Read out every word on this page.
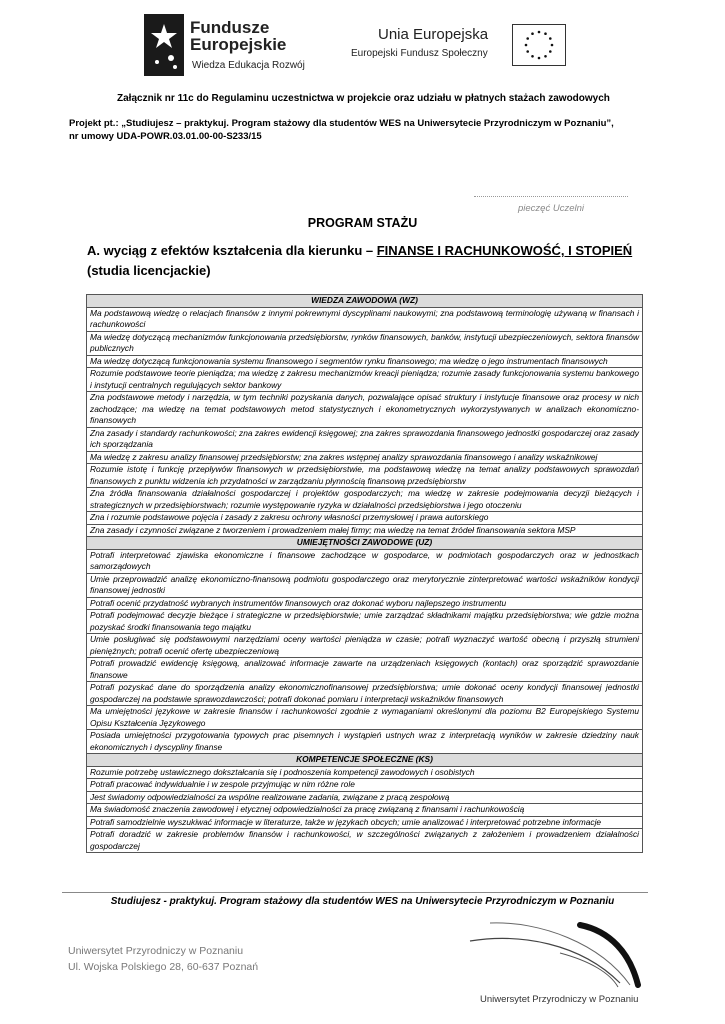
Fundusze
Europejskie
Wiedza Edukacja Rozwój
Unia Europejska
Europejski Fundusz Społeczny
Załącznik nr 11c do Regulaminu uczestnictwa w projekcie oraz udziału w płatnych stażach zawodowych
Projekt pt.: „Studiujesz – praktykuj. Program stażowy dla studentów WES na Uniwersytecie Przyrodniczym w Poznaniu”,
nr umowy UDA-POWR.03.01.00-00-S233/15
pieczęć Uczelni
PROGRAM STAŻU
A. wyciąg z efektów kształcenia dla kierunku – FINANSE I RACHUNKOWOŚĆ, I STOPIEŃ
(studia licencjackie)
WIEDZA ZAWODOWA (WZ)
Ma podstawową wiedzę o relacjach finansów z innymi pokrewnymi dyscyplinami naukowymi; zna podstawową terminologię używaną w finansach i rachunkowości
Ma wiedzę dotyczącą mechanizmów funkcjonowania przedsiębiorstw, rynków finansowych, banków, instytucji ubezpieczeniowych, sektora finansów publicznych
Ma wiedzę dotyczącą funkcjonowania systemu finansowego i segmentów rynku finansowego; ma wiedzę o jego instrumentach finansowych
Rozumie podstawowe teorie pieniądza; ma wiedzę z zakresu mechanizmów kreacji pieniądza; rozumie zasady funkcjonowania systemu bankowego i instytucji centralnych regulujących sektor bankowy
Zna podstawowe metody i narzędzia, w tym techniki pozyskania danych, pozwalające opisać struktury i instytucje finansowe oraz procesy w nich zachodzące; ma wiedzę na temat podstawowych metod statystycznych i ekonometrycznych wykorzystywanych w analizach ekonomiczno- finansowych
Zna zasady i standardy rachunkowości; zna zakres ewidencji księgowej; zna zakres sprawozdania finansowego jednostki gospodarczej oraz zasady ich sporządzania
Ma wiedzę z zakresu analizy finansowej przedsiębiorstw; zna zakres wstępnej analizy sprawozdania finansowego i analizy wskaźnikowej
Rozumie istotę i funkcję przepływów finansowych w przedsiębiorstwie, ma podstawową wiedzę na temat analizy podstawowych sprawozdań finansowych z punktu widzenia ich przydatności w zarządzaniu płynnością finansową przedsiębiorstw
Zna źródła finansowania działalności gospodarczej i projektów gospodarczych; ma wiedzę w zakresie podejmowania decyzji bieżących i strategicznych w przedsiębiorstwach; rozumie występowanie ryzyka w działalności przedsiębiorstwa i jego otoczeniu
Zna i rozumie podstawowe pojęcia i zasady z zakresu ochrony własności przemysłowej i prawa autorskiego
Zna zasady i czynności związane z tworzeniem i prowadzeniem małej firmy; ma wiedzę na temat źródeł finansowania sektora MSP
UMIEJĘTNOŚCI ZAWODOWE (UZ)
Potrafi interpretować zjawiska ekonomiczne i finansowe zachodzące w gospodarce, w podmiotach gospodarczych oraz w jednostkach samorządowych
Umie przeprowadzić analizę ekonomiczno-finansową podmiotu gospodarczego oraz merytorycznie zinterpretować wartości wskaźników kondycji finansowej jednostki
Potrafi ocenić przydatność wybranych instrumentów finansowych oraz dokonać wyboru najlepszego instrumentu
Potrafi podejmować decyzje bieżące i strategiczne w przedsiębiorstwie; umie zarządzać składnikami majątku przedsiębiorstwa; wie gdzie można pozyskać środki finansowania tego majątku
Umie posługiwać się podstawowymi narzędziami oceny wartości pieniądza w czasie; potrafi wyznaczyć wartość obecną i przyszłą strumieni pieniężnych; potrafi ocenić ofertę ubezpieczeniową
Potrafi prowadzić ewidencję księgową, analizować informacje zawarte na urządzeniach księgowych (kontach) oraz sporządzić sprawozdanie finansowe
Potrafi pozyskać dane do sporządzenia analizy ekonomicznofinansowej przedsiębiorstwa; umie dokonać oceny kondycji finansowej jednostki gospodarczej na podstawie sprawozdawczości; potrafi dokonać pomiaru i interpretacji wskaźników finansowych
Ma umiejętności językowe w zakresie finansów i rachunkowości zgodnie z wymaganiami określonymi dla poziomu B2 Europejskiego Systemu Opisu Kształcenia Językowego
Posiada umiejętności przygotowania typowych prac pisemnych i wystąpień ustnych wraz z interpretacją wyników w zakresie dziedziny nauk ekonomicznych i dyscypliny finanse
KOMPETENCJE SPOŁECZNE (KS)
Rozumie potrzebę ustawicznego dokształcania się i podnoszenia kompetencji zawodowych i osobistych
Potrafi pracować indywidualnie i w zespole przyjmując w nim różne role
Jest świadomy odpowiedzialności za wspólne realizowane zadania, związane z pracą zespołową
Ma świadomość znaczenia zawodowej i etycznej odpowiedzialności za pracę związaną z finansami i rachunkowością
Potrafi samodzielnie wyszukiwać informacje w literaturze, także w językach obcych; umie analizować i interpretować potrzebne informacje
Potrafi doradzić w zakresie problemów finansów i rachunkowości, w szczególności związanych z założeniem i prowadzeniem działalności gospodarczej
Studiujesz - praktykuj. Program stażowy dla studentów WES na Uniwersytecie Przyrodniczym w Poznaniu
Uniwersytet Przyrodniczy w Poznaniu
Ul. Wojska Polskiego 28, 60-637 Poznań
Uniwersytet Przyrodniczy w Poznaniu
